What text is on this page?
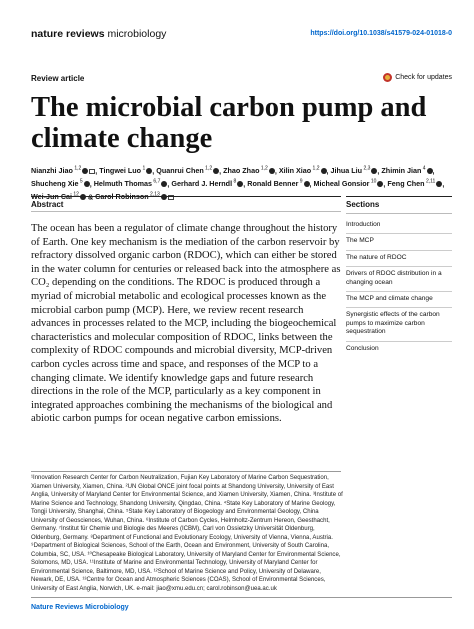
nature reviews microbiology	https://doi.org/10.1038/s41579-024-01018-0
Review article	Check for updates
The microbial carbon pump and climate change
Nianzhi Jiao $^{1,2}$ , Tingwei Luo $^1$ , Quanrui Chen $^{1,2}$ , Zhao Zhao $^{1,2}$ , Xilin Xiao $^{1,2}$ , Jihua Liu $^{2,3}$ , Zhimin Jian $^4$ , Shucheng Xie $^5$ , Helmuth Thomas $^{6,7}$ , Gerhard J. Herndl $^8$ , Ronald Benner $^9$ , Micheal Gonsior $^{10}$ , Feng Chen $^{2,11}$ , Wei-Jun Cai $^{12}$ & Carol Robinson $^{2,13}$
Abstract
The ocean has been a regulator of climate change throughout the history of Earth. One key mechanism is the mediation of the carbon reservoir by refractory dissolved organic carbon (RDOC), which can either be stored in the water column for centuries or released back into the atmosphere as CO₂ depending on the conditions. The RDOC is produced through a myriad of microbial metabolic and ecological processes known as the microbial carbon pump (MCP). Here, we review recent research advances in processes related to the MCP, including the biogeochemical characteristics and molecular composition of RDOC, links between the complexity of RDOC compounds and microbial diversity, MCP-driven carbon cycles across time and space, and responses of the MCP to a changing climate. We identify knowledge gaps and future research directions in the role of the MCP, particularly as a key component in integrated approaches combining the mechanisms of the biological and abiotic carbon pumps for ocean negative carbon emissions.
Sections
Introduction
The MCP
The nature of RDOC
Drivers of RDOC distribution in a changing ocean
The MCP and climate change
Synergistic effects of the carbon pumps to maximize carbon sequestration
Conclusion
¹Innovation Research Center for Carbon Neutralization, Fujian Key Laboratory of Marine Carbon Sequestration, Xiamen University, Xiamen, China. ²UN Global ONCE joint focal points at Shandong University, University of East Anglia, University of Maryland Center for Environmental Science, and Xiamen University, Xiamen, China. ³Institute of Marine Science and Technology, Shandong University, Qingdao, China. ⁴State Key Laboratory of Marine Geology, Tongji University, Shanghai, China. ⁵State Key Laboratory of Biogeology and Environmental Geology, China University of Geosciences, Wuhan, China. ⁶Institute of Carbon Cycles, Helmholtz-Zentrum Hereon, Geesthacht, Germany. ⁷Institut für Chemie und Biologie des Meeres (ICBM), Carl von Ossietzky Universität Oldenburg, Oldenburg, Germany. ⁸Department of Functional and Evolutionary Ecology, University of Vienna, Vienna, Austria. ⁹Department of Biological Sciences, School of the Earth, Ocean and Environment, University of South Carolina, Columbia, SC, USA. ¹⁰Chesapeake Biological Laboratory, University of Maryland Center for Environmental Science, Solomons, MD, USA. ¹¹Institute of Marine and Environmental Technology, University of Maryland Center for Environmental Science, Baltimore, MD, USA. ¹²School of Marine Science and Policy, University of Delaware, Newark, DE, USA. ¹³Centre for Ocean and Atmospheric Sciences (COAS), School of Environmental Sciences, University of East Anglia, Norwich, UK. e-mail: jiao@xmu.edu.cn; carol.robinson@uea.ac.uk
Nature Reviews Microbiology
